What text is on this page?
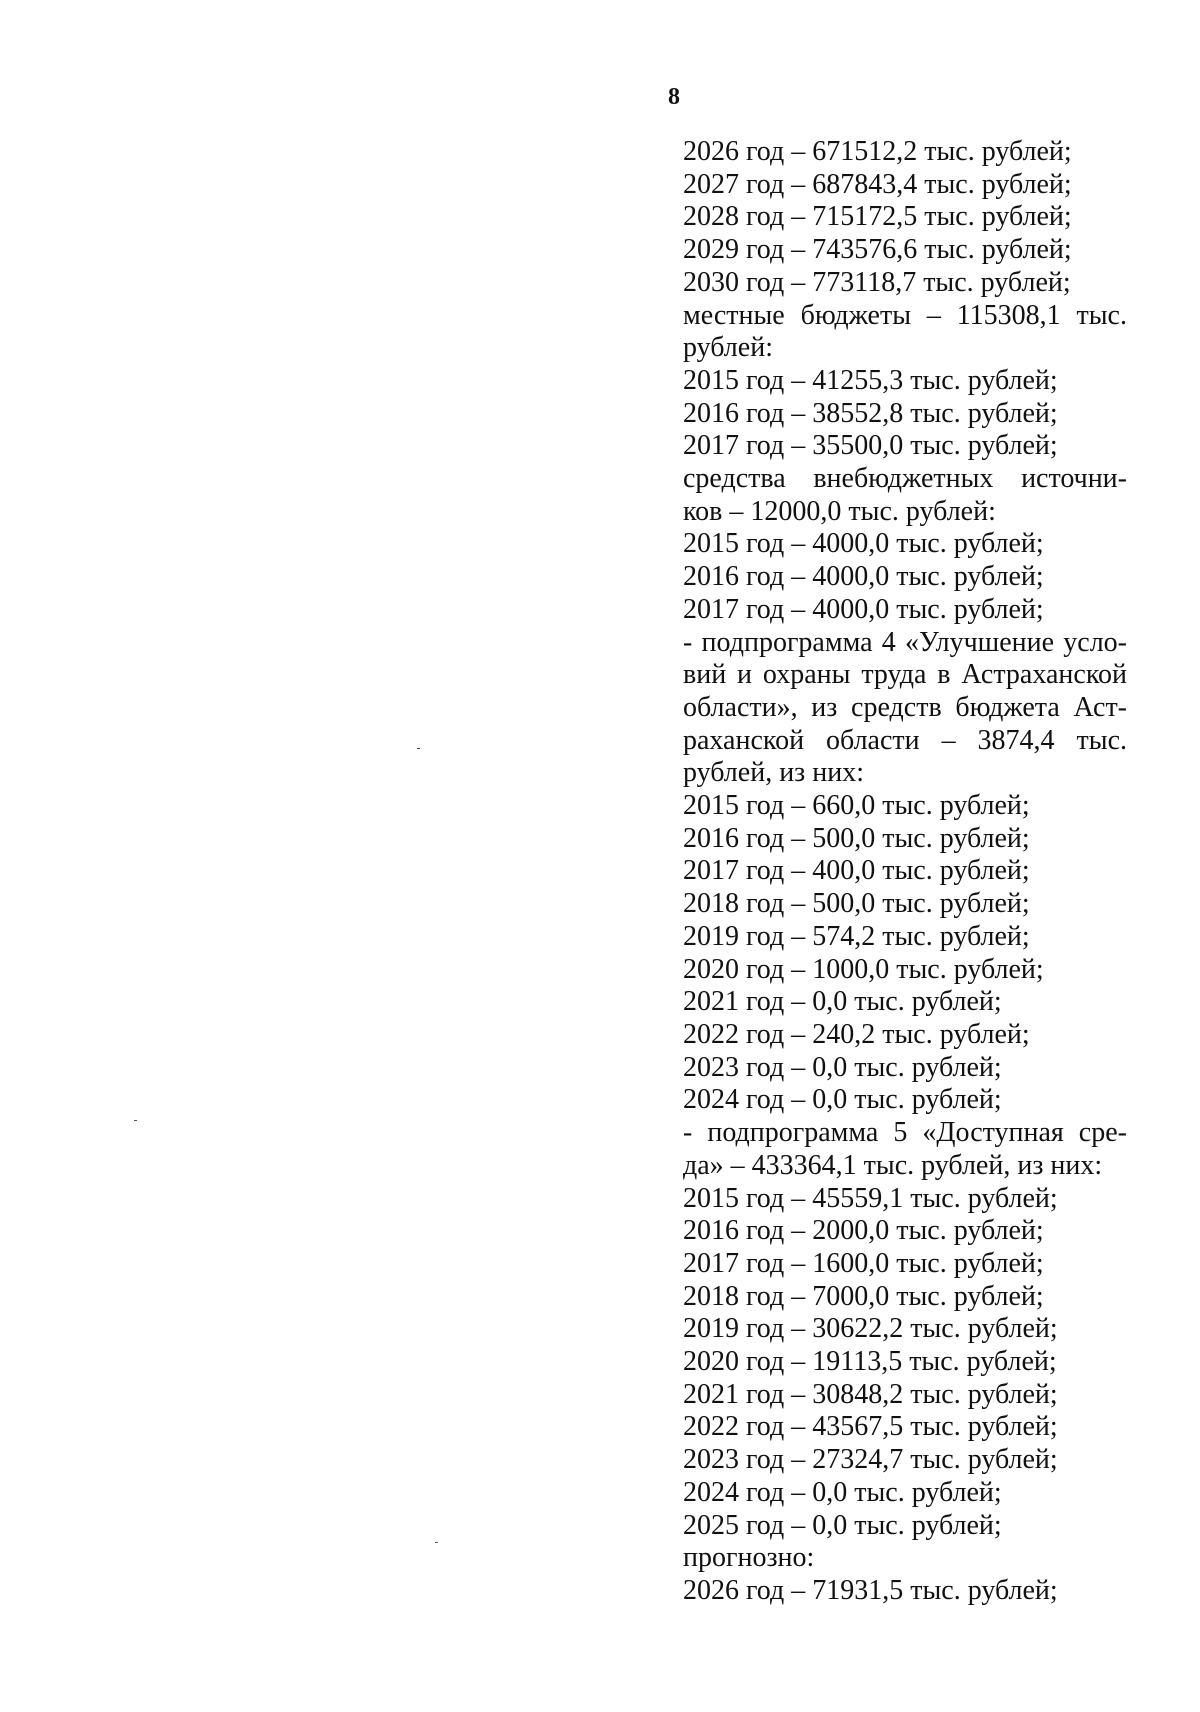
8
2026 год – 671512,2 тыс. рублей;
2027 год – 687843,4 тыс. рублей;
2028 год – 715172,5 тыс. рублей;
2029 год – 743576,6 тыс. рублей;
2030 год – 773118,7 тыс. рублей;
местные бюджеты – 115308,1 тыс.
рублей:
2015 год – 41255,3 тыс. рублей;
2016 год – 38552,8 тыс. рублей;
2017 год – 35500,0 тыс. рублей;
средства внебюджетных источни-
ков – 12000,0 тыс. рублей:
2015 год – 4000,0 тыс. рублей;
2016 год – 4000,0 тыс. рублей;
2017 год – 4000,0 тыс. рублей;
- подпрограмма 4 «Улучшение усло-
вий и охраны труда в Астраханской
области», из средств бюджета Аст-
раханской области – 3874,4 тыс.
рублей, из них:
2015 год – 660,0 тыс. рублей;
2016 год – 500,0 тыс. рублей;
2017 год – 400,0 тыс. рублей;
2018 год – 500,0 тыс. рублей;
2019 год – 574,2 тыс. рублей;
2020 год – 1000,0 тыс. рублей;
2021 год – 0,0 тыс. рублей;
2022 год – 240,2 тыс. рублей;
2023 год – 0,0 тыс. рублей;
2024 год – 0,0 тыс. рублей;
- подпрограмма 5 «Доступная сре-
да» – 433364,1 тыс. рублей, из них:
2015 год – 45559,1 тыс. рублей;
2016 год – 2000,0 тыс. рублей;
2017 год – 1600,0 тыс. рублей;
2018 год – 7000,0 тыс. рублей;
2019 год – 30622,2 тыс. рублей;
2020 год – 19113,5 тыс. рублей;
2021 год – 30848,2 тыс. рублей;
2022 год – 43567,5 тыс. рублей;
2023 год – 27324,7 тыс. рублей;
2024 год – 0,0 тыс. рублей;
2025 год – 0,0 тыс. рублей;
прогнозно:
2026 год – 71931,5 тыс. рублей;
